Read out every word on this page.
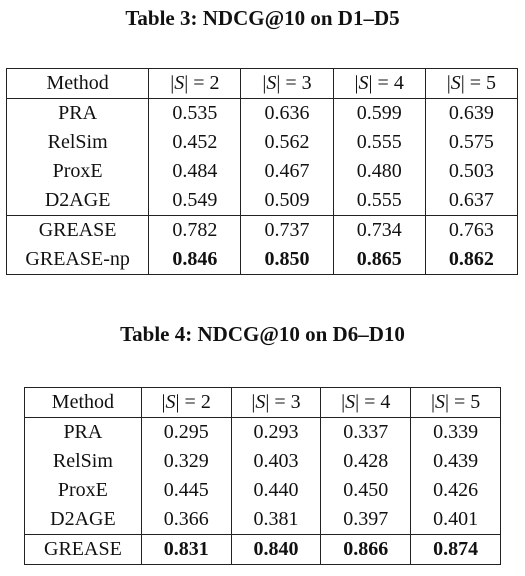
Table 3: NDCG@10 on D1–D5
Method	|S| = 2	|S| = 3	|S| = 4	|S| = 5
PRA	0.535	0.636	0.599	0.639
RelSim	0.452	0.562	0.555	0.575
ProxE	0.484	0.467	0.480	0.503
D2AGE	0.549	0.509	0.555	0.637
GREASE	0.782	0.737	0.734	0.763
GREASE-np	0.846	0.850	0.865	0.862
Table 4: NDCG@10 on D6–D10
Method	|S| = 2	|S| = 3	|S| = 4	|S| = 5
PRA	0.295	0.293	0.337	0.339
RelSim	0.329	0.403	0.428	0.439
ProxE	0.445	0.440	0.450	0.426
D2AGE	0.366	0.381	0.397	0.401
GREASE	0.831	0.840	0.866	0.874
